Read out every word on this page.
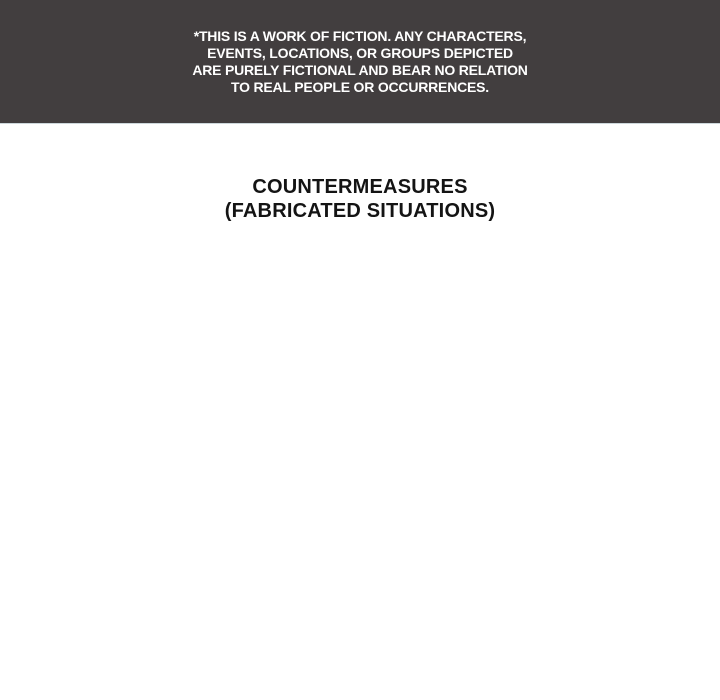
*THIS IS A WORK OF FICTION. ANY CHARACTERS,
EVENTS, LOCATIONS, OR GROUPS DEPICTED
ARE PURELY FICTIONAL AND BEAR NO RELATION
TO REAL PEOPLE OR OCCURRENCES.
COUNTERMEASURES
(FABRICATED SITUATIONS)
